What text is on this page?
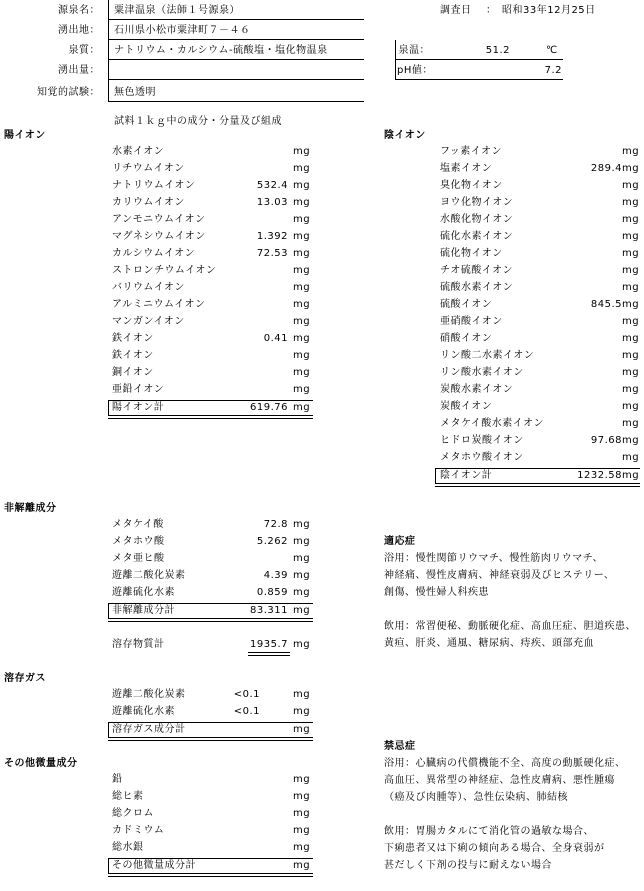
源泉名： 粟津温泉（法師１号源泉）
湧出地： 石川県小松市粟津町７－４６
泉質： ナトリウム・カルシウム-硫酸塩・塩化物温泉
湧出量：
知覚的試験： 無色透明
調査日 ：　昭和33年12月25日
泉温：	51.2	℃
pH値：	7.2
試料１ｋｇ中の成分・分量及び組成
陽イオン	陰イオン
非解離成分
溶存ガス
その他微量成分
水素イオン	mg
リチウムイオン	mg
ナトリウムイオン	532.4 mg
カリウムイオン	13.03 mg
アンモニウムイオン	mg
マグネシウムイオン	1.392 mg
カルシウムイオン	72.53 mg
ストロンチウムイオン	mg
バリウムイオン	mg
アルミニウムイオン	mg
マンガンイオン	mg
鉄イオン	0.41 mg
鉄イオン	mg
銅イオン	mg
亜鉛イオン	mg
陽イオン計	619.76 mg
フッ素イオン	mg
塩素イオン	289.4 mg
臭化物イオン	mg
ヨウ化物イオン	mg
水酸化物イオン	mg
硫化水素イオン	mg
硫化物イオン	mg
チオ硫酸イオン	mg
硫酸水素イオン	mg
硫酸イオン	845.5 mg
亜硝酸イオン	mg
硝酸イオン	mg
リン酸二水素イオン	mg
リン酸水素イオン	mg
炭酸水素イオン	mg
炭酸イオン	mg
メタケイ酸水素イオン	mg
ヒドロ炭酸イオン	97.68 mg
メタホウ酸イオン	mg
陰イオン計	1232.58 mg
メタケイ酸	72.8 mg
メタホウ酸	5.262 mg
メタ亜ヒ酸	mg
遊離二酸化炭素	4.39 mg
遊離硫化水素	0.859 mg
非解離成分計	83.311 mg
遊離二酸化炭素	<0.1	mg
遊離硫化水素	<0.1	mg
溶存ガス成分計	mg
鉛	mg
総ヒ素	mg
総クロム	mg
カドミウム	mg
総水銀	mg
その他微量成分計	mg
溶存物質計	1935.7 mg
適応症
浴用：慢性関節リウマチ、慢性筋肉リウマチ、
神経痛、慢性皮膚病、神経衰弱及びヒステリー、
創傷、慢性婦人科疾患
飲用：常習便秘、動脈硬化症、高血圧症、胆道疾患、
黄疸、肝炎、通風、糖尿病、痔疾、頭部充血
禁忌症
浴用：心臓病の代償機能不全、高度の動脈硬化症、
高血圧、異常型の神経症、急性皮膚病、悪性腫瘍
（癌及び肉腫等）、急性伝染病、肺結核
飲用：胃腸カタルにて消化管の過敏な場合、
下痢患者又は下痢の傾向ある場合、全身衰弱が
甚だしく下剤の投与に耐えない場合
